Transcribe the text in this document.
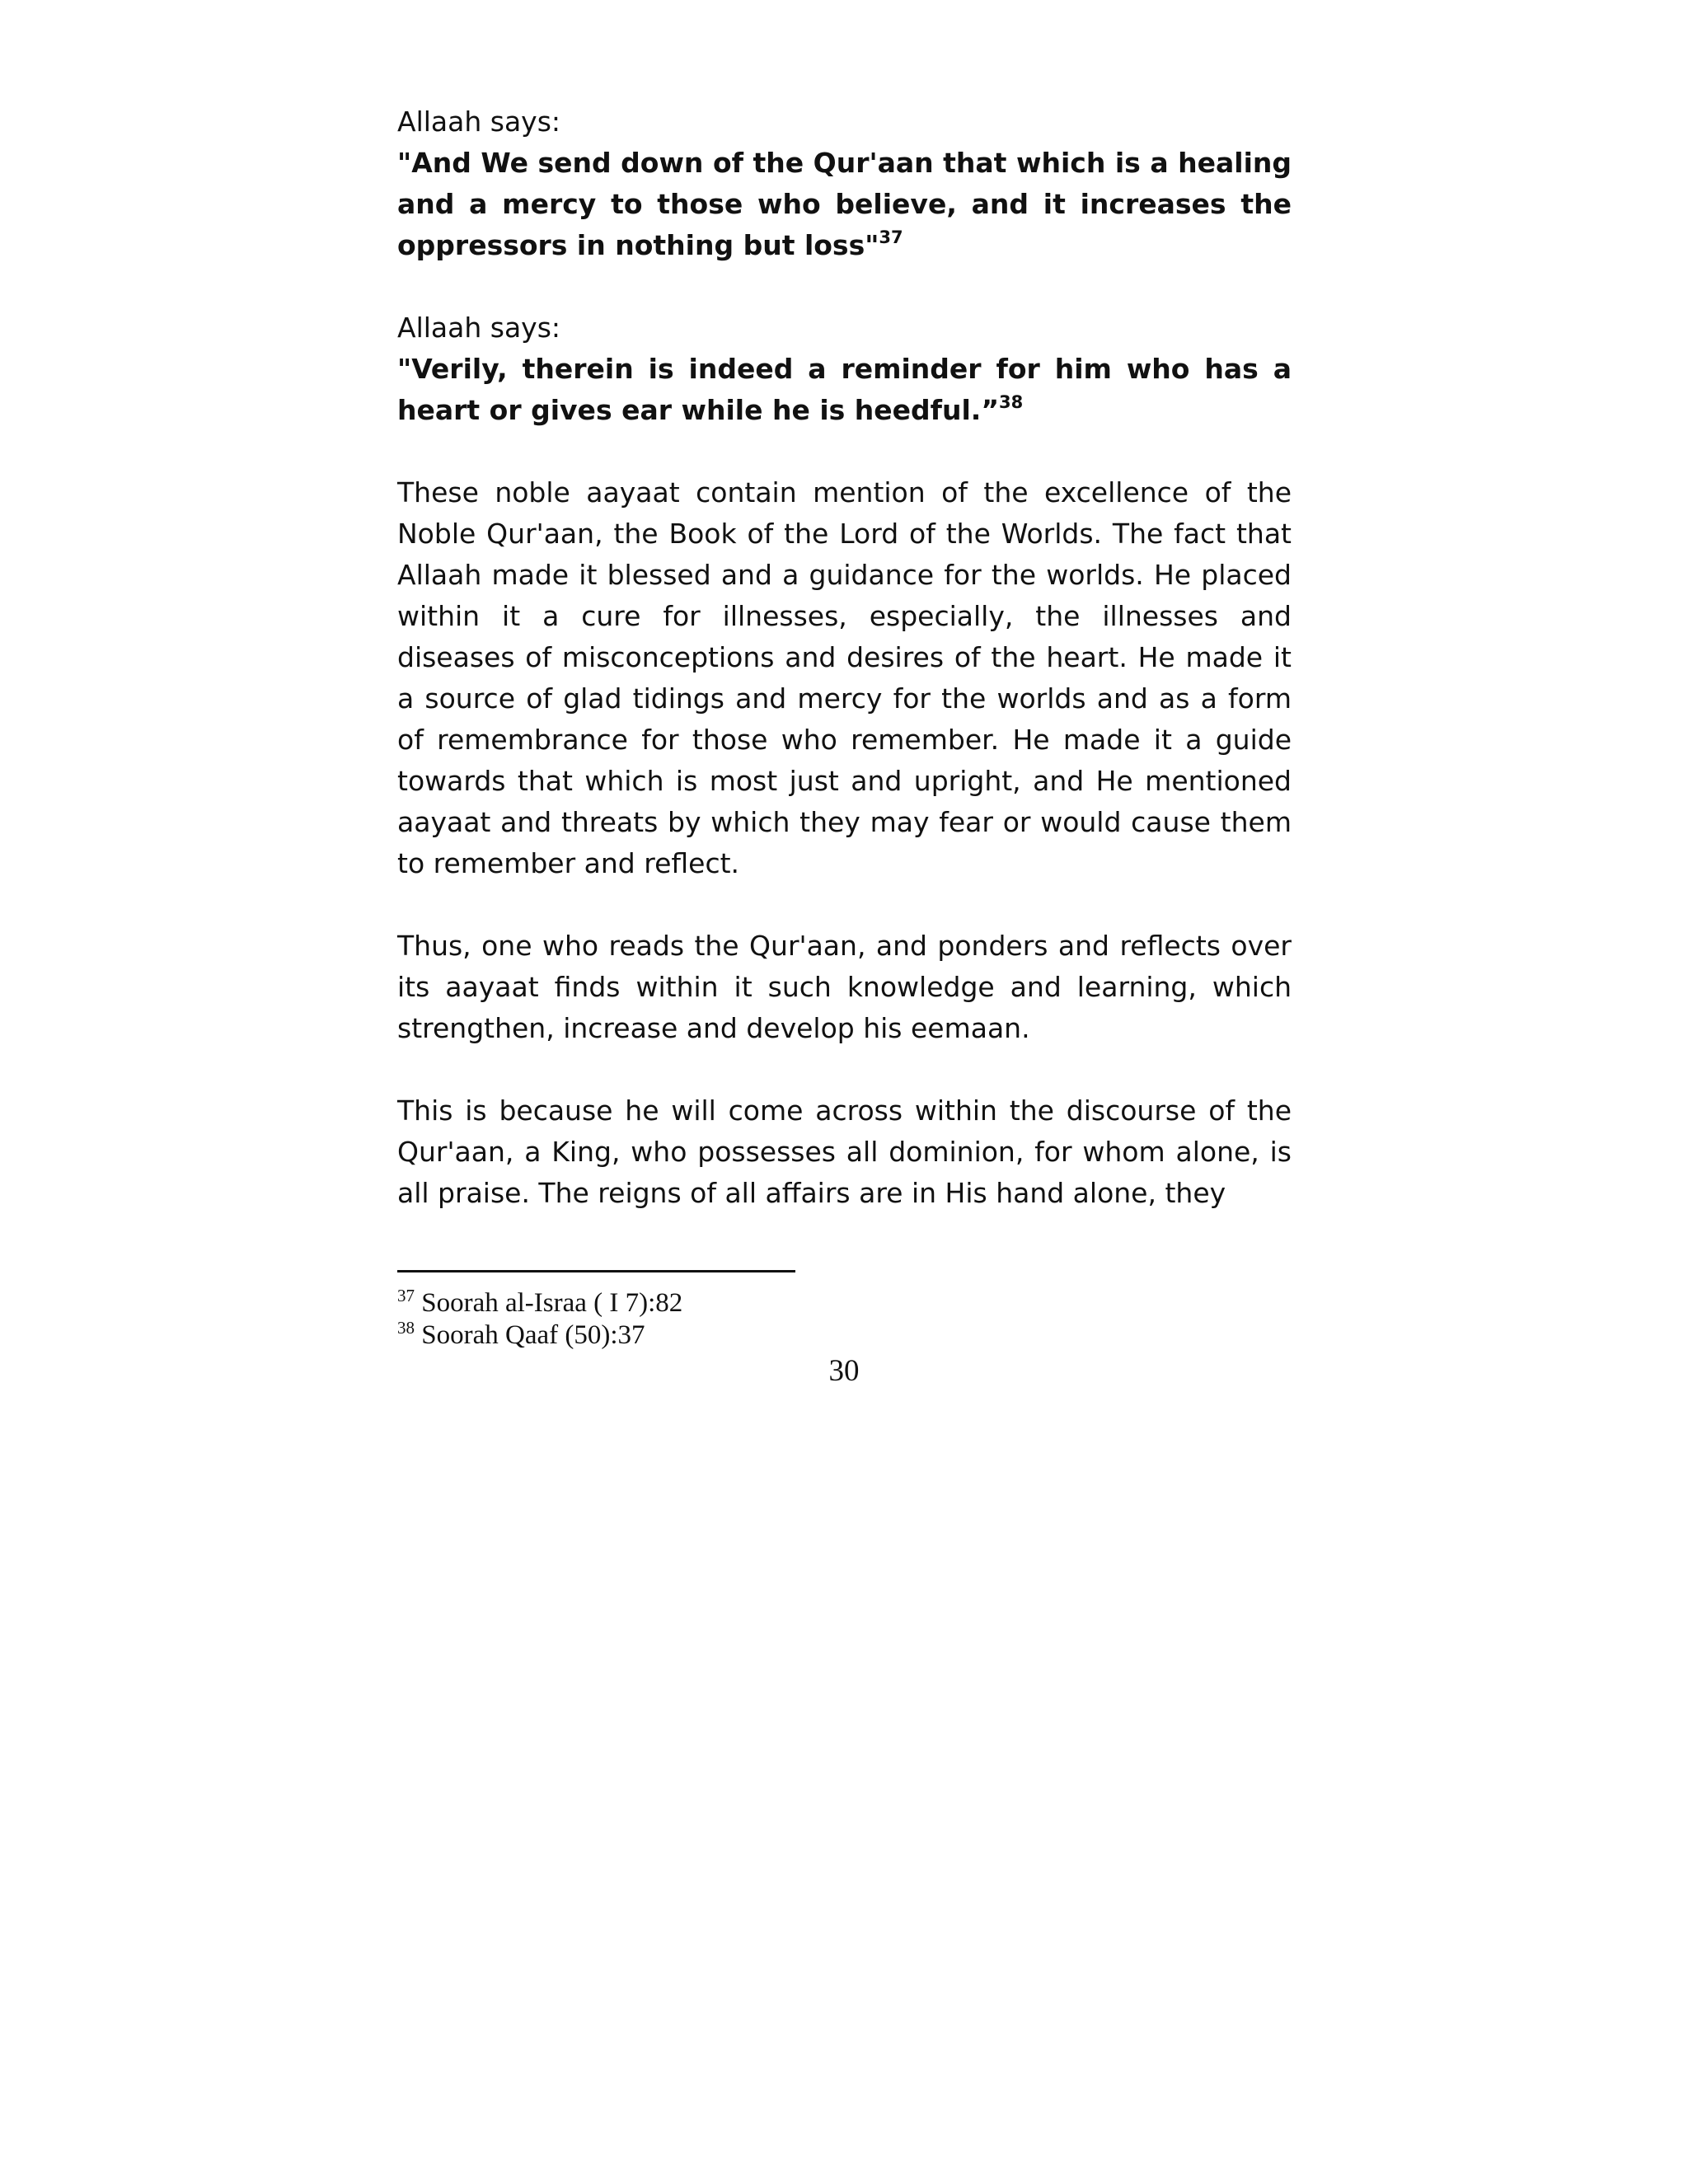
Allaah says:

"And We send down of the Qur'aan that which is a healing and a mercy to those who believe, and it increases the oppressors in nothing but loss"$^{37}$

Allaah says:

"Verily, therein is indeed a reminder for him who has a heart or gives ear while he is heedful.”$^{38}$

These noble aayaat contain mention of the excellence of the Noble Qur'aan, the Book of the Lord of the Worlds. The fact that Allaah made it blessed and a guidance for the worlds. He placed within it a cure for illnesses, especially, the illnesses and diseases of misconceptions and desires of the heart. He made it a source of glad tidings and mercy for the worlds and as a form of remembrance for those who remember. He made it a guide towards that which is most just and upright, and He mentioned aayaat and threats by which they may fear or would cause them to remember and reflect.

Thus, one who reads the Qur'aan, and ponders and reflects over its aayaat finds within it such knowledge and learning, which strengthen, increase and develop his eemaan.

This is because he will come across within the discourse of the Qur'aan, a King, who possesses all dominion, for whom alone, is all praise. The reigns of all affairs are in His hand alone, they

$^{37}$ Soorah al-Israa ( I 7):82

$^{38}$ Soorah Qaaf (50):37

30
